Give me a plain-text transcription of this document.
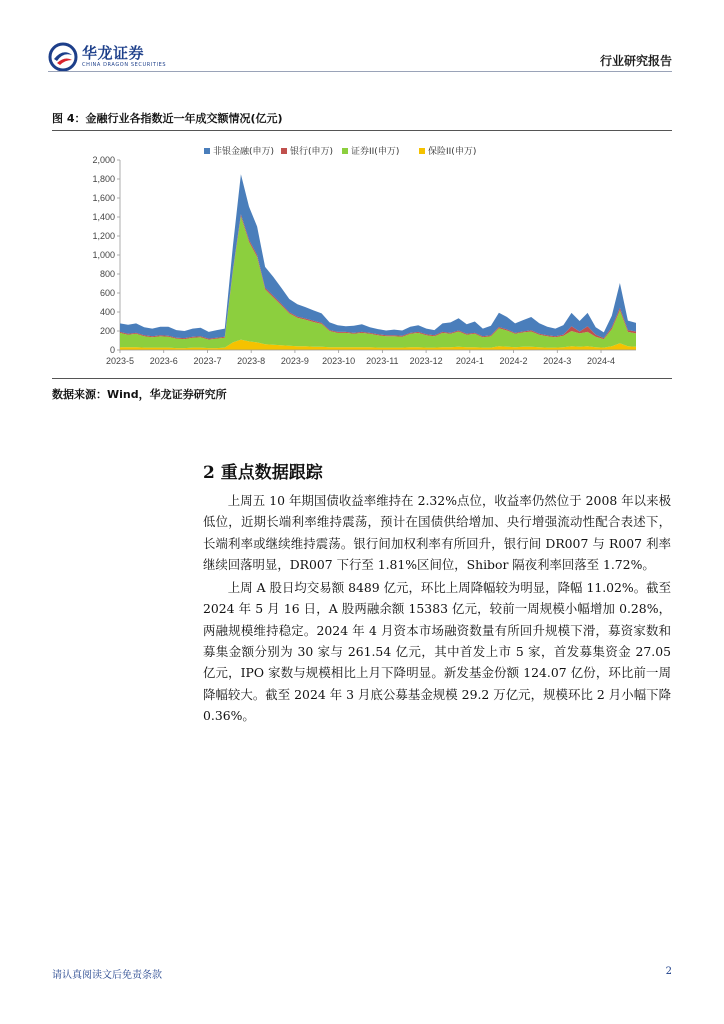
华龙证券
CHINA DRAGON SECURITIES	行业研究报告
图 4：金融行业各指数近一年成交额情况(亿元)
0
200
400
600
800
1,000
1,200
1,400
1,600
1,800
2,000
2023-5 2023-6 2023-7 2023-8 2023-9 2023-10 2023-11 2023-12 2024-1 2024-2 2024-3 2024-4
非银金融(申万) 银行(申万) 证券II(申万)	保险II(申万)
数据来源：Wind，华龙证券研究所
2 重点数据跟踪

上周五 10 年期国债收益率维持在 2.32%点位，收益率仍然位于 2008 年以来极低位，近期长端利率维持震荡，预计在国债供给增加、央行增强流动性配合表述下，长端利率或继续维持震荡。银行间加权利率有所回升，银行间 DR007 与 R007 利率继续回落明显，DR007 下行至 1.81%区间位，Shibor 隔夜利率回落至 1.72%。

上周 A 股日均交易额 8489 亿元，环比上周降幅较为明显，降幅 11.02%。截至 2024 年 5 月 16 日，A 股两融余额 15383 亿元，较前一周规模小幅增加 0.28%，两融规模维持稳定。2024 年 4 月资本市场融资数量有所回升规模下滑，募资家数和募集金额分别为 30 家与 261.54 亿元，其中首发上市 5 家，首发募集资金 27.05 亿元，IPO 家数与规模相比上月下降明显。新发基金份额 124.07 亿份，环比前一周降幅较大。截至 2024 年 3 月底公募基金规模 29.2 万亿元，规模环比 2 月小幅下降 0.36%。

请认真阅读文后免责条款	2
